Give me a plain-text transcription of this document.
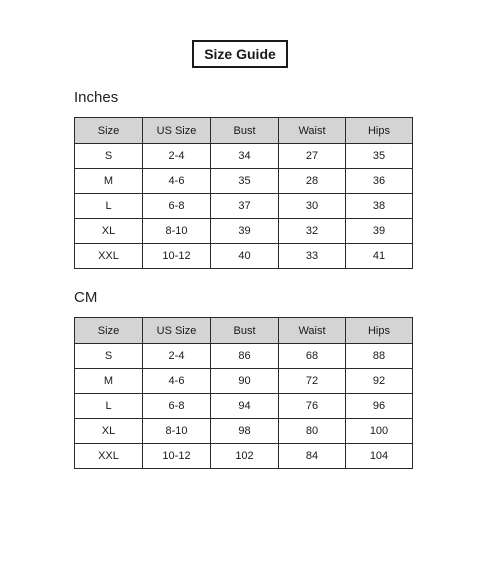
Size Guide
Inches
Size	US Size	Bust	Waist	Hips
S	2-4	34	27	35
M	4-6	35	28	36
L	6-8	37	30	38
XL	8-10	39	32	39
XXL	10-12	40	33	41
CM
Size	US Size	Bust	Waist	Hips
S	2-4	86	68	88
M	4-6	90	72	92
L	6-8	94	76	96
XL	8-10	98	80	100
XXL	10-12	102	84	104
